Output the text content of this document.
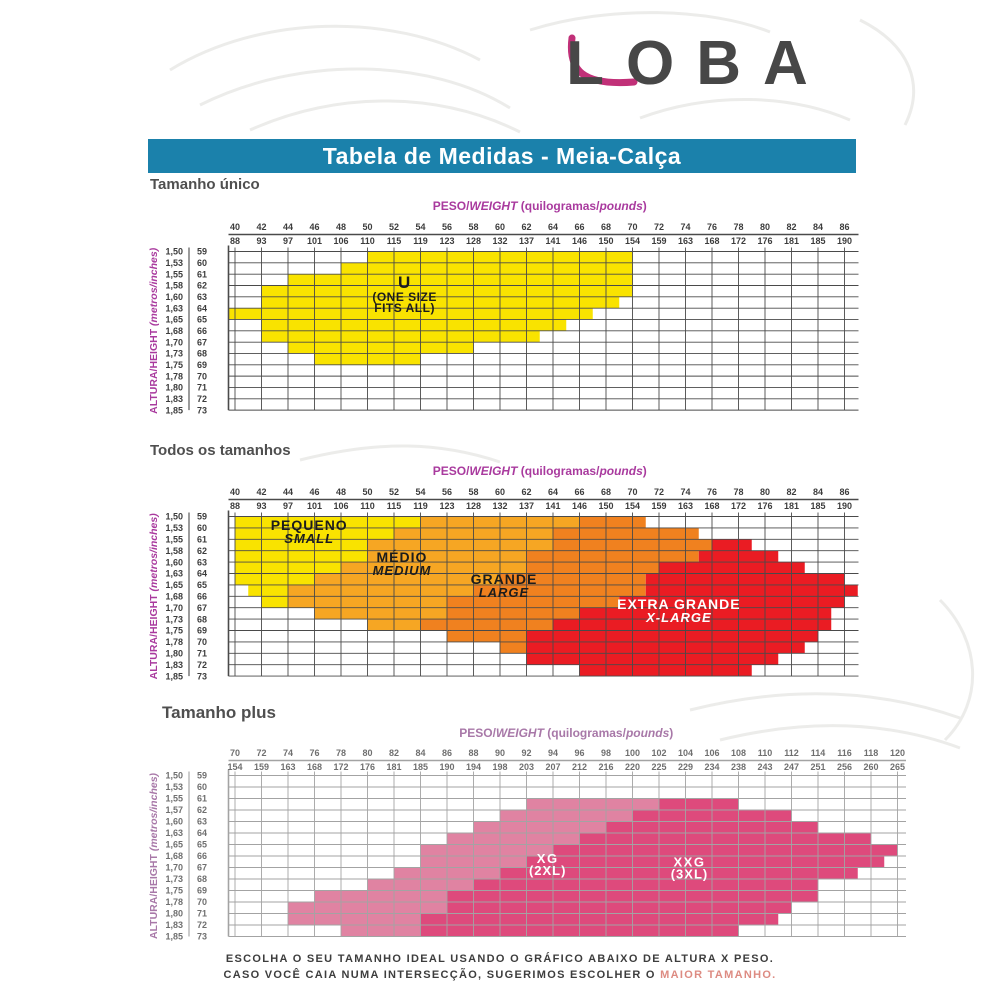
LOBA
Tabela de Medidas - Meia-Calça
Tamanho único
PESO/WEIGHT (quilogramas/pounds)
ALTURA/HEIGHT (metros/inches)
40 42 44 46 48 50 52 54 56 58 60 62 64 66 68 70 72 74 76 78 80 82 84 86
88 93 97 101 106 110 115 119 123 128 132 137 141 146 150 154 159 163 168 172 176 181 185 190
1,50
1,53
1,55
1,58
1,60
1,63
1,65
1,68
1,70
1,73
1,75
1,78
1,80
1,83
1,85
59
60
61
62
63
64
65
66
67
68
69
70
71
72
73
U
(ONE SIZE
FITS ALL)
Todos os tamanhos
PESO/WEIGHT (quilogramas/pounds)
ALTURA/HEIGHT (metros/inches)
40 42 44 46 48 50 52 54 56 58 60 62 64 66 68 70 72 74 76 78 80 82 84 86
88 93 97 101 106 110 115 119 123 128 132 137 141 146 150 154 159 163 168 172 176 181 185 190
1,50
1,53
1,55
1,58
1,60
1,63
1,65
1,68
1,70
1,73
1,75
1,78
1,80
1,83
1,85
59
60
61
62
63
64
65
66
67
68
69
70
71
72
73
PEQUENO
SMALL
MÉDIO
MEDIUM
GRANDE
LARGE
EXTRA GRANDE
X-LARGE
Tamanho plus
PESO/WEIGHT (quilogramas/pounds)
ALTURA/HEIGHT (metros/inches)
70 72 74 76 78 80 82 84 86 88 90 92 94 96 98 100 102 104 106 108 110 112 114 116 118 120
154 159 163 168 172 176 181 185 190 194 198 203 207 212 216 220 225 229 234 238 243 247 251 256 260 265
1,50
1,53
1,55
1,57
1,60
1,63
1,65
1,68
1,70
1,73
1,75
1,78
1,80
1,83
1,85
59
60
61
62
63
64
65
66
67
68
69
70
71
72
73
XG
(2XL)
XXG
(3XL)
ESCOLHA O SEU TAMANHO IDEAL USANDO O GRÁFICO ABAIXO DE ALTURA X PESO.
CASO VOCÊ CAIA NUMA INTERSECÇÃO, SUGERIMOS ESCOLHER O MAIOR TAMANHO.
